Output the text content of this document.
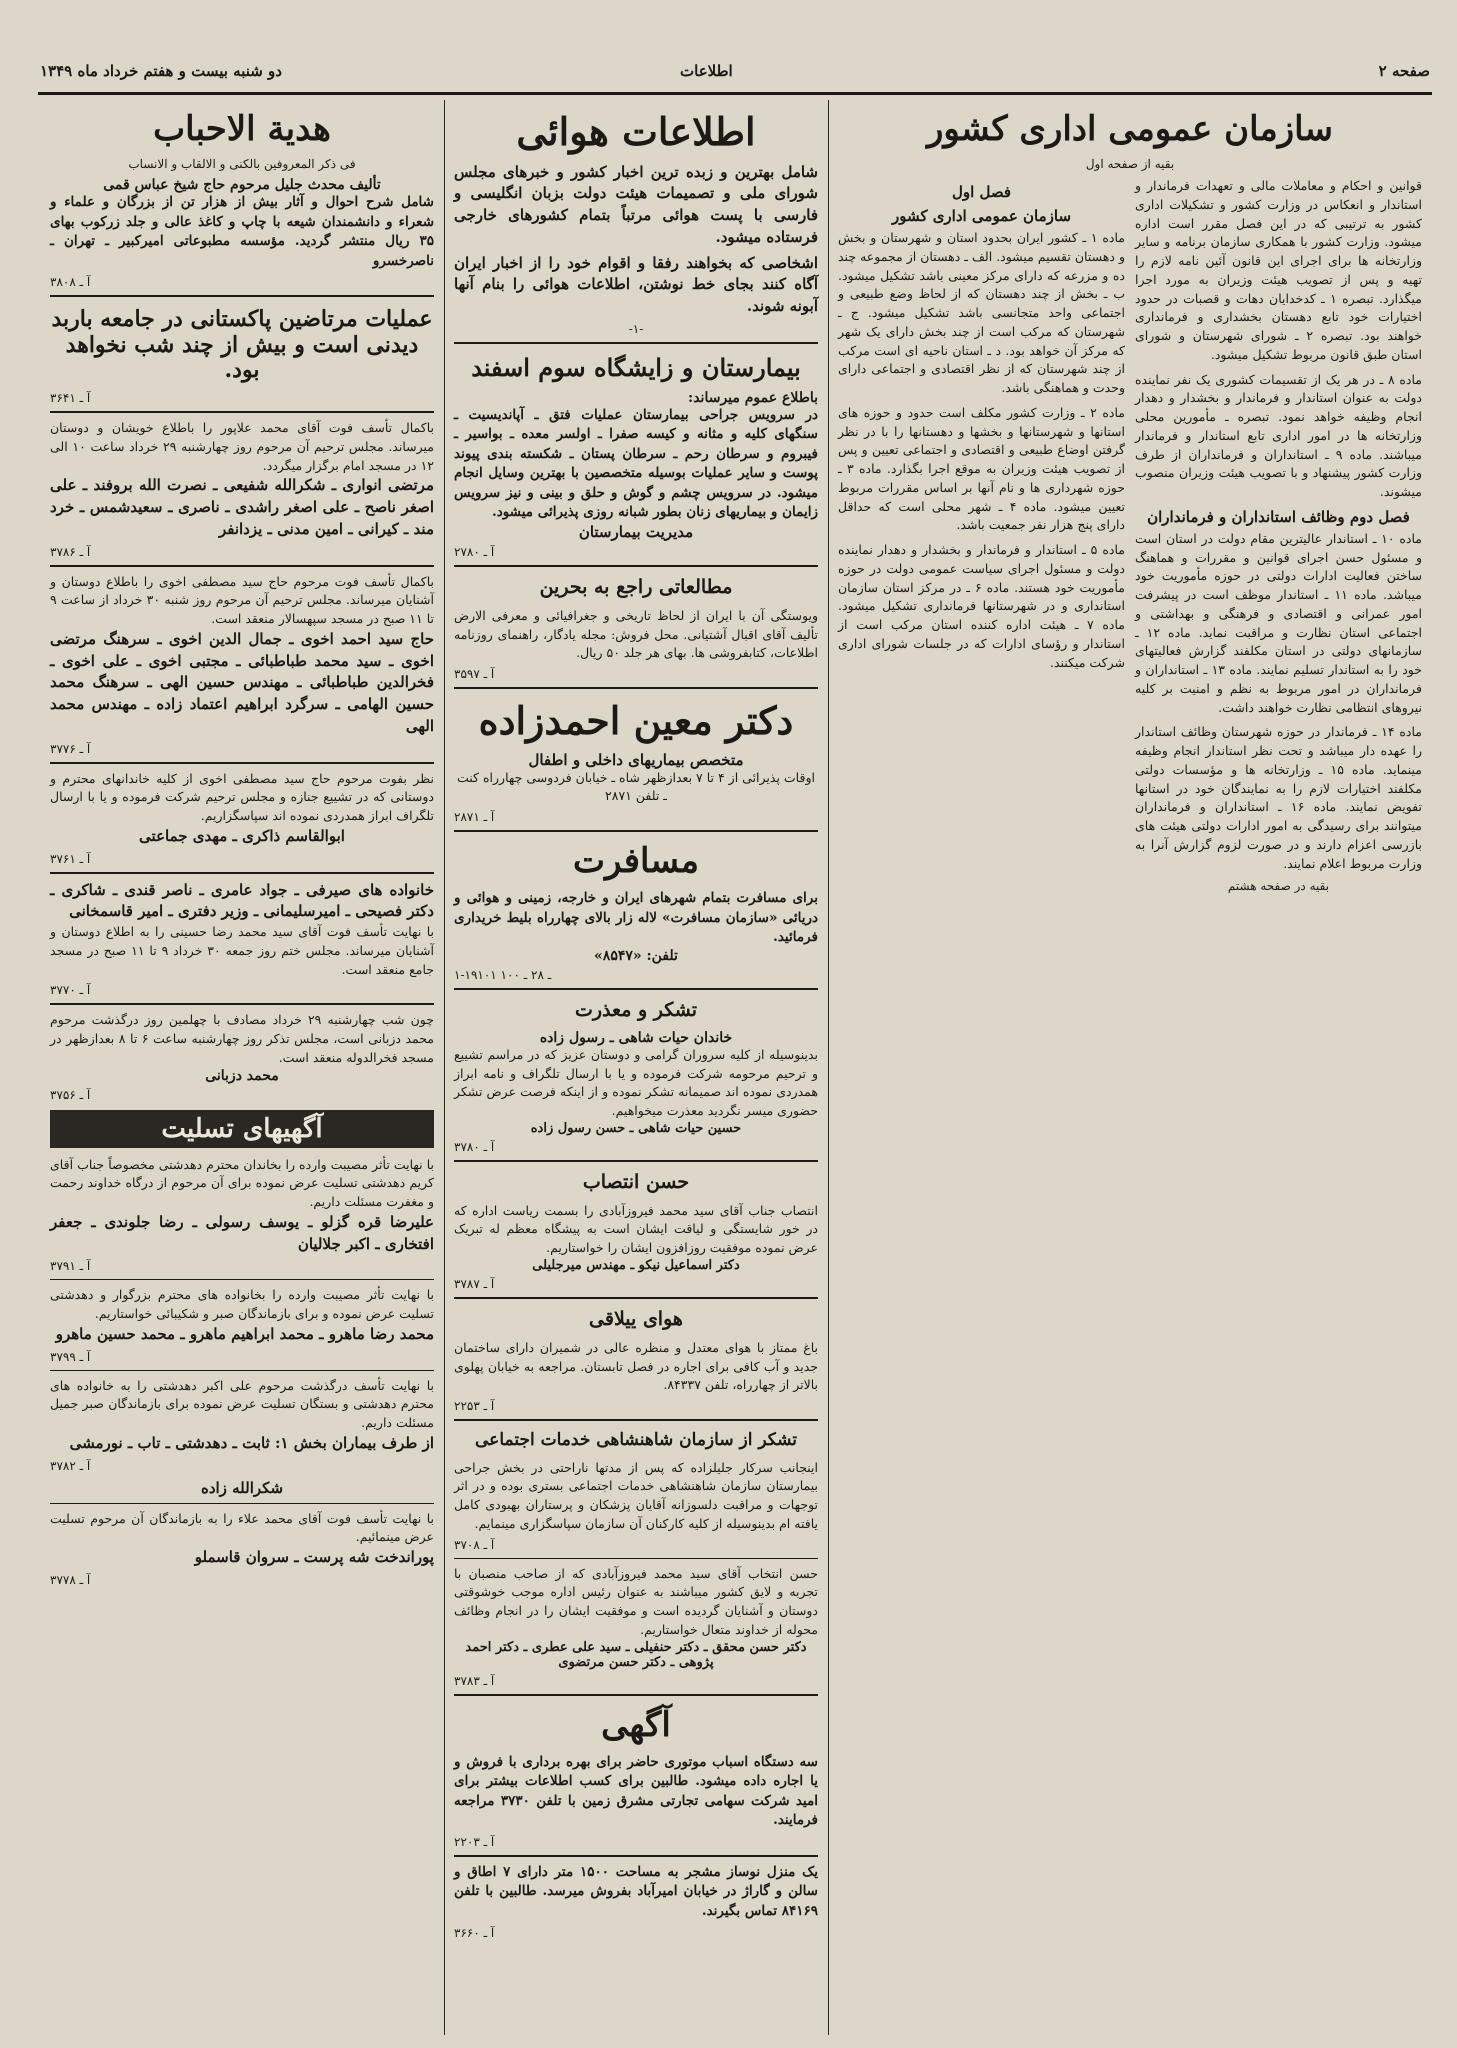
دو شنبه بیست و هفتم خرداد ماه ۱۳۴۹	اطلاعات	صفحه ۲
سازمان عمومی اداری کشور
بقیه از صفحه اول
قوانین و احکام و معاملات مالی و تعهدات فرماندار و استاندار و انعکاس در وزارت کشور و تشکیلات اداری کشور به ترتیبی که در این فصل مقرر است اداره میشود. وزارت کشور با همکاری سازمان برنامه و سایر وزارتخانه ها برای اجرای این قانون آئین نامه لازم را تهیه و پس از تصویب هیئت وزیران به مورد اجرا میگذارد. تبصره ۱ ـ کدخدایان دهات و قصبات در حدود اختیارات خود تابع دهستان بخشداری و فرمانداری خواهند بود. تبصره ۲ ـ شورای شهرستان و شورای استان طبق قانون مربوط تشکیل میشود.
ماده ۸ ـ در هر یک از تقسیمات کشوری یک نفر نماینده دولت به عنوان استاندار و فرماندار و بخشدار و دهدار انجام وظیفه خواهد نمود. تبصره ـ مأمورین محلی وزارتخانه ها در امور اداری تابع استاندار و فرماندار میباشند. ماده ۹ ـ استانداران و فرمانداران از طرف وزارت کشور پیشنهاد و با تصویب هیئت وزیران منصوب میشوند.
فصل دوم وظائف استانداران و فرمانداران
ماده ۱۰ ـ استاندار عالیترین مقام دولت در استان است و مسئول حسن اجرای قوانین و مقررات و هماهنگ ساختن فعالیت ادارات دولتی در حوزه مأموریت خود میباشد. ماده ۱۱ ـ استاندار موظف است در پیشرفت امور عمرانی و اقتصادی و فرهنگی و بهداشتی و اجتماعی استان نظارت و مراقبت نماید. ماده ۱۲ ـ سازمانهای دولتی در استان مکلفند گزارش فعالیتهای خود را به استاندار تسلیم نمایند. ماده ۱۳ ـ استانداران و فرمانداران در امور مربوط به نظم و امنیت بر کلیه نیروهای انتظامی نظارت خواهند داشت.
ماده ۱۴ ـ فرماندار در حوزه شهرستان وظائف استاندار را عهده دار میباشد و تحت نظر استاندار انجام وظیفه مینماید. ماده ۱۵ ـ وزارتخانه ها و مؤسسات دولتی مکلفند اختیارات لازم را به نمایندگان خود در استانها تفویض نمایند. ماده ۱۶ ـ استانداران و فرمانداران میتوانند برای رسیدگی به امور ادارات دولتی هیئت های بازرسی اعزام دارند و در صورت لزوم گزارش آنرا به وزارت مربوط اعلام نمایند.
بقیه در صفحه هشتم
فصل اول
سازمان عمومی اداری کشور
ماده ۱ ـ کشور ایران بحدود استان و شهرستان و بخش و دهستان تقسیم میشود. الف ـ دهستان از مجموعه چند ده و مزرعه که دارای مرکز معینی باشد تشکیل میشود. ب ـ بخش از چند دهستان که از لحاظ وضع طبیعی و اجتماعی واحد متجانسی باشد تشکیل میشود. ج ـ شهرستان که مرکب است از چند بخش دارای یک شهر که مرکز آن خواهد بود. د ـ استان ناحیه ای است مرکب از چند شهرستان که از نظر اقتصادی و اجتماعی دارای وحدت و هماهنگی باشد.
ماده ۲ ـ وزارت کشور مکلف است حدود و حوزه های استانها و شهرستانها و بخشها و دهستانها را با در نظر گرفتن اوضاع طبیعی و اقتصادی و اجتماعی تعیین و پس از تصویب هیئت وزیران به موقع اجرا بگذارد. ماده ۳ ـ حوزه شهرداری ها و نام آنها بر اساس مقررات مربوط تعیین میشود. ماده ۴ ـ شهر محلی است که حداقل دارای پنج هزار نفر جمعیت باشد.
ماده ۵ ـ استاندار و فرماندار و بخشدار و دهدار نماینده دولت و مسئول اجرای سیاست عمومی دولت در حوزه مأموریت خود هستند. ماده ۶ ـ در مرکز استان سازمان استانداری و در شهرستانها فرمانداری تشکیل میشود. ماده ۷ ـ هیئت اداره کننده استان مرکب است از استاندار و رؤسای ادارات که در جلسات شورای اداری شرکت میکنند.
اطلاعات هوائی
شامل بهترین و زبده ترین اخبار کشور و خبرهای مجلس شورای ملی و تصمیمات هیئت دولت بزبان انگلیسی و فارسی با پست هوائی مرتباً بتمام کشورهای خارجی فرستاده میشود.
اشخاصی که بخواهند رفقا و اقوام خود را از اخبار ایران آگاه کنند بجای خط نوشتن، اطلاعات هوائی را بنام آنها آبونه شوند.
-۱-
بیمارستان و زایشگاه سوم اسفند
باطلاع عموم میرساند:
در سرویس جراحی بیمارستان عملیات فتق ـ آپاندیسیت ـ سنگهای کلیه و مثانه و کیسه صفرا ـ اولسر معده ـ بواسیر ـ فیبروم و سرطان رحم ـ سرطان پستان ـ شکسته بندی پیوند پوست و سایر عملیات بوسیله متخصصین با بهترین وسایل انجام میشود. در سرویس چشم و گوش و حلق و بینی و نیز سرویس زایمان و بیماریهای زنان بطور شبانه روزی پذیرائی میشود.
مدیریت بیمارستان
آ ـ ۲۷۸۰
مطالعاتی راجع به بحرین
ویوستگی آن با ایران از لحاظ تاریخی و جغرافیائی و معرفی الارض تألیف آقای اقبال آشتیانی. محل فروش: مجله یادگار، راهنمای روزنامه اطلاعات، کتابفروشی ها. بهای هر جلد ۵۰ ریال.
آ ـ ۳۵۹۷
دکتر معین احمدزاده
متخصص بیماریهای داخلی و اطفال
اوقات پذیرائی از ۴ تا ۷ بعدازظهر شاه ـ خیابان فردوسی چهارراه کنت ـ تلفن ۲۸۷۱
آ ـ ۲۸۷۱
مسافرت
برای مسافرت بتمام شهرهای ایران و خارجه، زمینی و هوائی و دریائی «سازمان مسافرت» لاله زار بالای چهارراه بلیط خریداری فرمائید.
تلفن: «۸۵۴۷»
۱-۱۹۱۰۱ ـ ۲۸ ـ ۱۰۰
تشکر و معذرت
خاندان حیات شاهی ـ رسول زاده
بدینوسیله از کلیه سروران گرامی و دوستان عزیز که در مراسم تشییع و ترحیم مرحومه شرکت فرموده و یا با ارسال تلگراف و نامه ابراز همدردی نموده اند صمیمانه تشکر نموده و از اینکه فرصت عرض تشکر حضوری میسر نگردید معذرت میخواهیم.
حسین حیات شاهی ـ حسن رسول زاده
آ ـ ۳۷۸۰
حسن انتصاب
انتصاب جناب آقای سید محمد فیروزآبادی را بسمت ریاست اداره که در خور شایستگی و لیاقت ایشان است به پیشگاه معظم له تبریک عرض نموده موفقیت روزافزون ایشان را خواستاریم.
دکتر اسماعیل نیکو ـ مهندس میرجلیلی
آ ـ ۳۷۸۷
هوای ییلاقی
باغ ممتاز با هوای معتدل و منظره عالی در شمیران دارای ساختمان جدید و آب کافی برای اجاره در فصل تابستان. مراجعه به خیابان پهلوی بالاتر از چهارراه، تلفن ۸۴۳۳۷.
آ ـ ۲۲۵۳
تشکر از سازمان شاهنشاهی خدمات اجتماعی
اینجانب سرکار جلیلزاده که پس از مدتها ناراحتی در بخش جراحی بیمارستان سازمان شاهنشاهی خدمات اجتماعی بستری بوده و در اثر توجهات و مراقبت دلسوزانه آقایان پزشکان و پرستاران بهبودی کامل یافته ام بدینوسیله از کلیه کارکنان آن سازمان سپاسگزاری مینمایم.
آ ـ ۳۷۰۸
حسن انتخاب آقای سید محمد فیروزآبادی که از صاحب منصبان با تجربه و لایق کشور میباشند به عنوان رئیس اداره موجب خوشوقتی دوستان و آشنایان گردیده است و موفقیت ایشان را در انجام وظائف محوله از خداوند متعال خواستاریم.
دکتر حسن محقق ـ دکتر حنفیلی ـ سید علی عطری ـ دکتر احمد پژوهی ـ دکتر حسن مرتضوی
آ ـ ۳۷۸۳
آگهی
سه دستگاه اسباب موتوری حاضر برای بهره برداری با فروش و یا اجاره داده میشود. طالبین برای کسب اطلاعات بیشتر برای امید شرکت سهامی تجارتی مشرق زمین با تلفن ۳۷۳۰ مراجعه فرمایند.
آ ـ ۲۲۰۳
یک منزل نوساز مشجر به مساحت ۱۵۰۰ متر دارای ۷ اطاق و سالن و گاراژ در خیابان امیرآباد بفروش میرسد. طالبین با تلفن ۸۴۱۶۹ تماس بگیرند.
آ ـ ۳۶۶۰
هدیة الاحباب
فی ذکر المعروفین بالکنی و الالقاب و الانساب
تألیف محدث جلیل مرحوم حاج شیخ عباس قمی
شامل شرح احوال و آثار بیش از هزار تن از بزرگان و علماء و شعراء و دانشمندان شیعه با چاپ و کاغذ عالی و جلد زرکوب بهای ۳۵ ریال منتشر گردید. مؤسسه مطبوعاتی امیرکبیر ـ تهران ـ ناصرخسرو
آ ـ ۳۸۰۸
عملیات مرتاضین پاکستانی در جامعه باربد دیدنی است و بیش از چند شب نخواهد بود.
آ ـ ۳۶۴۱
باکمال تأسف فوت آقای محمد علاپور را باطلاع خویشان و دوستان میرساند. مجلس ترحیم آن مرحوم روز چهارشنبه ۲۹ خرداد ساعت ۱۰ الی ۱۲ در مسجد امام برگزار میگردد.
مرتضی انواری ـ شکرالله شفیعی ـ نصرت الله بروفند ـ علی اصغر ناصح ـ علی اصغر راشدی ـ ناصری ـ سعیدشمس ـ خرد مند ـ کیرانی ـ امین مدنی ـ یزدانفر
آ ـ ۳۷۸۶
باکمال تأسف فوت مرحوم حاج سید مصطفی اخوی را باطلاع دوستان و آشنایان میرساند. مجلس ترحیم آن مرحوم روز شنبه ۳۰ خرداد از ساعت ۹ تا ۱۱ صبح در مسجد سپهسالار منعقد است.
حاج سید احمد اخوی ـ جمال الدین اخوی ـ سرهنگ مرتضی اخوی ـ سید محمد طباطبائی ـ مجتبی اخوی ـ علی اخوی ـ فخرالدین طباطبائی ـ مهندس حسین الهی ـ سرهنگ محمد حسین الهامی ـ سرگرد ابراهیم اعتماد زاده ـ مهندس محمد الهی
آ ـ ۳۷۷۶
نظر بفوت مرحوم حاج سید مصطفی اخوی از کلیه خاندانهای محترم و دوستانی که در تشییع جنازه و مجلس ترحیم شرکت فرموده و یا با ارسال تلگراف ابراز همدردی نموده اند سپاسگزاریم.
ابوالقاسم ذاکری ـ مهدی جماعتی
آ ـ ۳۷۶۱
خانواده های صیرفی ـ جواد عامری ـ ناصر قندی ـ شاکری ـ دکتر فصیحی ـ امیرسلیمانی ـ وزیر دفتری ـ امیر قاسمخانی
با نهایت تأسف فوت آقای سید محمد رضا حسینی را به اطلاع دوستان و آشنایان میرساند. مجلس ختم روز جمعه ۳۰ خرداد ۹ تا ۱۱ صبح در مسجد جامع منعقد است.
آ ـ ۳۷۷۰
چون شب چهارشنبه ۲۹ خرداد مصادف با چهلمین روز درگذشت مرحوم محمد دزبانی است، مجلس تذکر روز چهارشنبه ساعت ۶ تا ۸ بعدازظهر در مسجد فخرالدوله منعقد است.
محمد دزبانی
آ ـ ۳۷۵۶
آگهیهای تسلیت
با نهایت تأثر مصیبت وارده را بخاندان محترم دهدشتی مخصوصاً جناب آقای کریم دهدشتی تسلیت عرض نموده برای آن مرحوم از درگاه خداوند رحمت و مغفرت مسئلت داریم.
علیرضا قره گزلو ـ یوسف رسولی ـ رضا جلوندی ـ جعفر افتخاری ـ اکبر جلالیان
آ ـ ۳۷۹۱
با نهایت تأثر مصیبت وارده را بخانواده های محترم بزرگوار و دهدشتی تسلیت عرض نموده و برای بازماندگان صبر و شکیبائی خواستاریم.
محمد رضا ماهرو ـ محمد ابراهیم ماهرو ـ محمد حسین ماهرو
آ ـ ۳۷۹۹
با نهایت تأسف درگذشت مرحوم علی اکبر دهدشتی را به خانواده های محترم دهدشتی و بستگان تسلیت عرض نموده برای بازماندگان صبر جمیل مسئلت داریم.
از طرف بیماران بخش ۱: ثابت ـ دهدشتی ـ تاب ـ نورمشی
آ ـ ۳۷۸۲
شکرالله زاده
با نهایت تأسف فوت آقای محمد علاء را به بازماندگان آن مرحوم تسلیت عرض مینمائیم.
پوراندخت شه پرست ـ سروان قاسملو
آ ـ ۳۷۷۸
